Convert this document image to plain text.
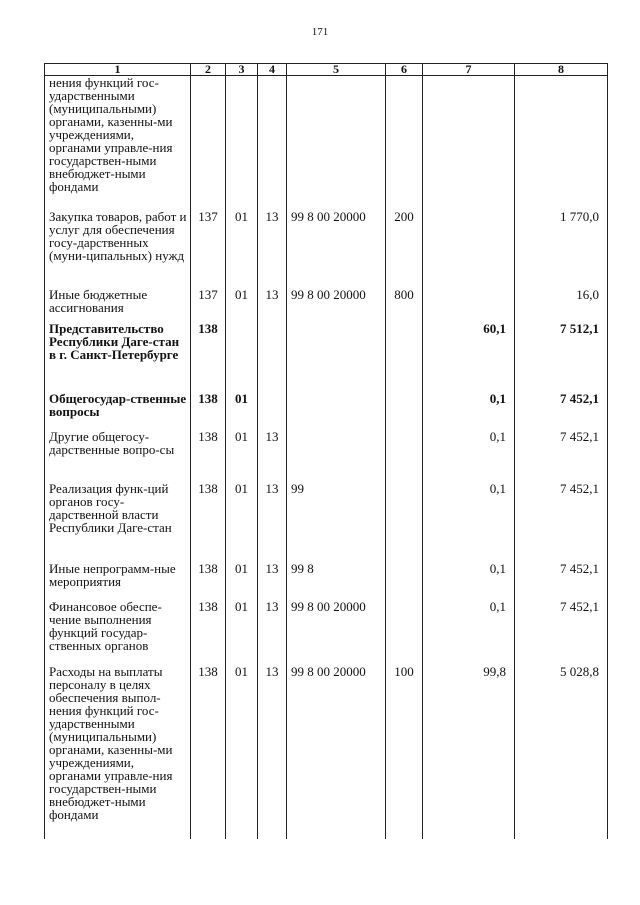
171
1	2	3	4	5	6	7	8
нения функций гос-ударственными (муниципальными) органами, казенны-ми учреждениями, органами управле-ния государствен-ными внебюджет-ными фондами							
Закупка товаров, работ и услуг для обеспечения госу-дарственных (муни-ципальных) нужд	137	01	13	99 8 00 20000	200		1 770,0
Иные бюджетные ассигнования	137	01	13	99 8 00 20000	800		16,0
Представительство Республики Даге-стан в г. Санкт-Петербурге	138					60,1	7 512,1
Общегосудар-ственные вопросы	138	01				0,1	7 452,1
Другие общегосу-дарственные вопро-сы	138	01	13			0,1	7 452,1
Реализация функ-ций органов госу-дарственной власти Республики Даге-стан	138	01	13	99		0,1	7 452,1
Иные непрограмм-ные мероприятия	138	01	13	99 8		0,1	7 452,1
Финансовое обеспе-чение выполнения функций государ-ственных органов	138	01	13	99 8 00 20000		0,1	7 452,1
Расходы на выплаты персоналу в целях обеспечения выпол-нения функций гос-ударственными (муниципальными) органами, казенны-ми учреждениями, органами управле-ния государствен-ными внебюджет-ными фондами	138	01	13	99 8 00 20000	100	99,8	5 028,8
